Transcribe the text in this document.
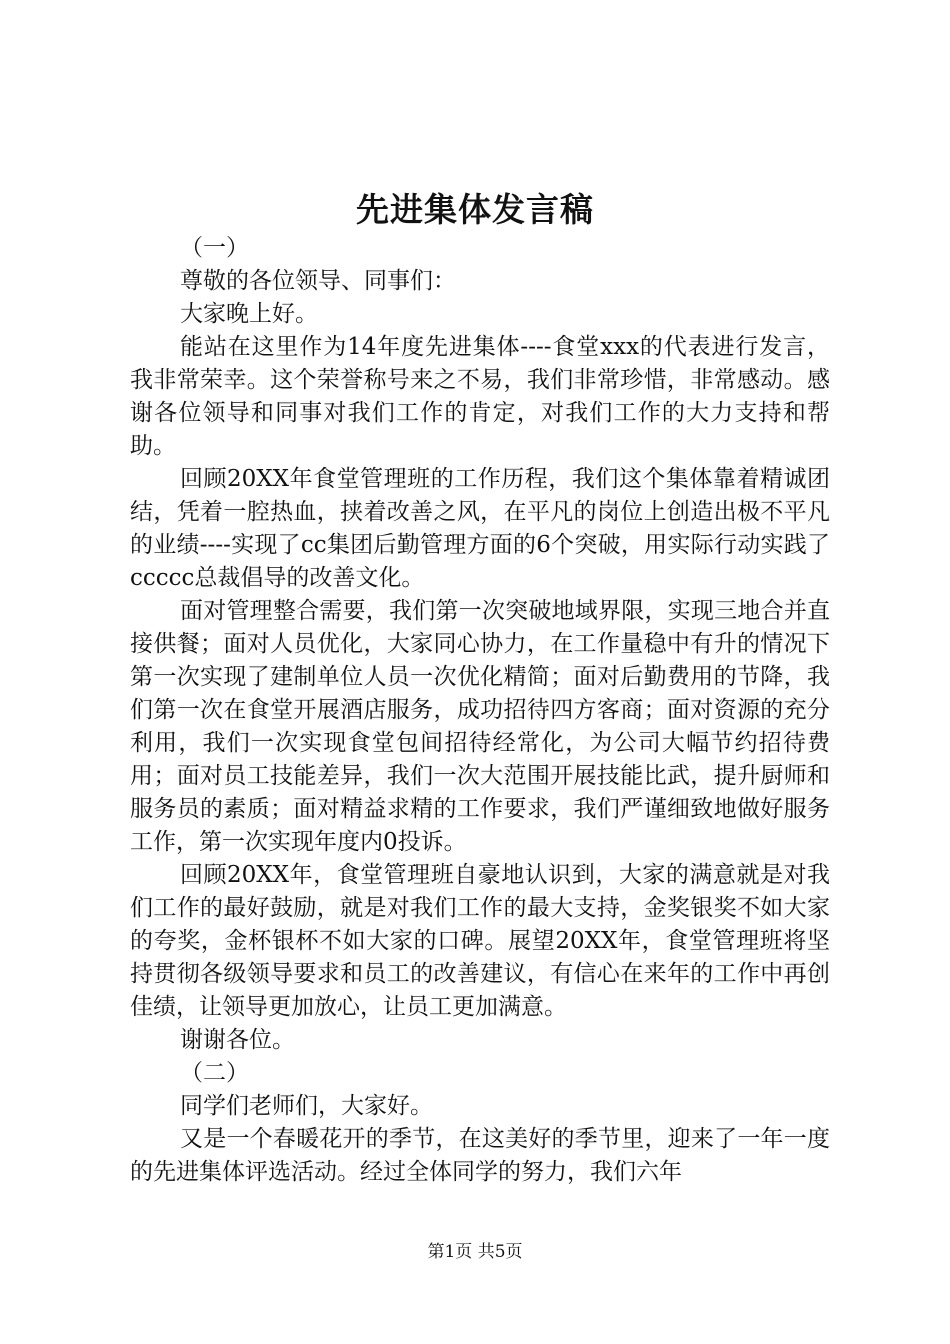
先进集体发言稿

（一）

尊敬的各位领导、同事们：

大家晚上好。

能站在这里作为14年度先进集体----食堂xxx的代表进行发言，我非常荣幸。这个荣誉称号来之不易，我们非常珍惜，非常感动。感谢各位领导和同事对我们工作的肯定，对我们工作的大力支持和帮助。

回顾20XX年食堂管理班的工作历程，我们这个集体靠着精诚团结，凭着一腔热血，挟着改善之风，在平凡的岗位上创造出极不平凡的业绩----实现了cc集团后勤管理方面的6个突破，用实际行动实践了ccccc总裁倡导的改善文化。

面对管理整合需要，我们第一次突破地域界限，实现三地合并直接供餐；面对人员优化，大家同心协力，在工作量稳中有升的情况下第一次实现了建制单位人员一次优化精简；面对后勤费用的节降，我们第一次在食堂开展酒店服务，成功招待四方客商；面对资源的充分利用，我们一次实现食堂包间招待经常化，为公司大幅节约招待费用；面对员工技能差异，我们一次大范围开展技能比武，提升厨师和服务员的素质；面对精益求精的工作要求，我们严谨细致地做好服务工作，第一次实现年度内0投诉。

回顾20XX年，食堂管理班自豪地认识到，大家的满意就是对我们工作的最好鼓励，就是对我们工作的最大支持，金奖银奖不如大家的夸奖，金杯银杯不如大家的口碑。展望20XX年，食堂管理班将坚持贯彻各级领导要求和员工的改善建议，有信心在来年的工作中再创佳绩，让领导更加放心，让员工更加满意。

谢谢各位。

（二）

同学们老师们，大家好。

又是一个春暖花开的季节，在这美好的季节里，迎来了一年一度的先进集体评选活动。经过全体同学的努力，我们六年

第1页 共5页
